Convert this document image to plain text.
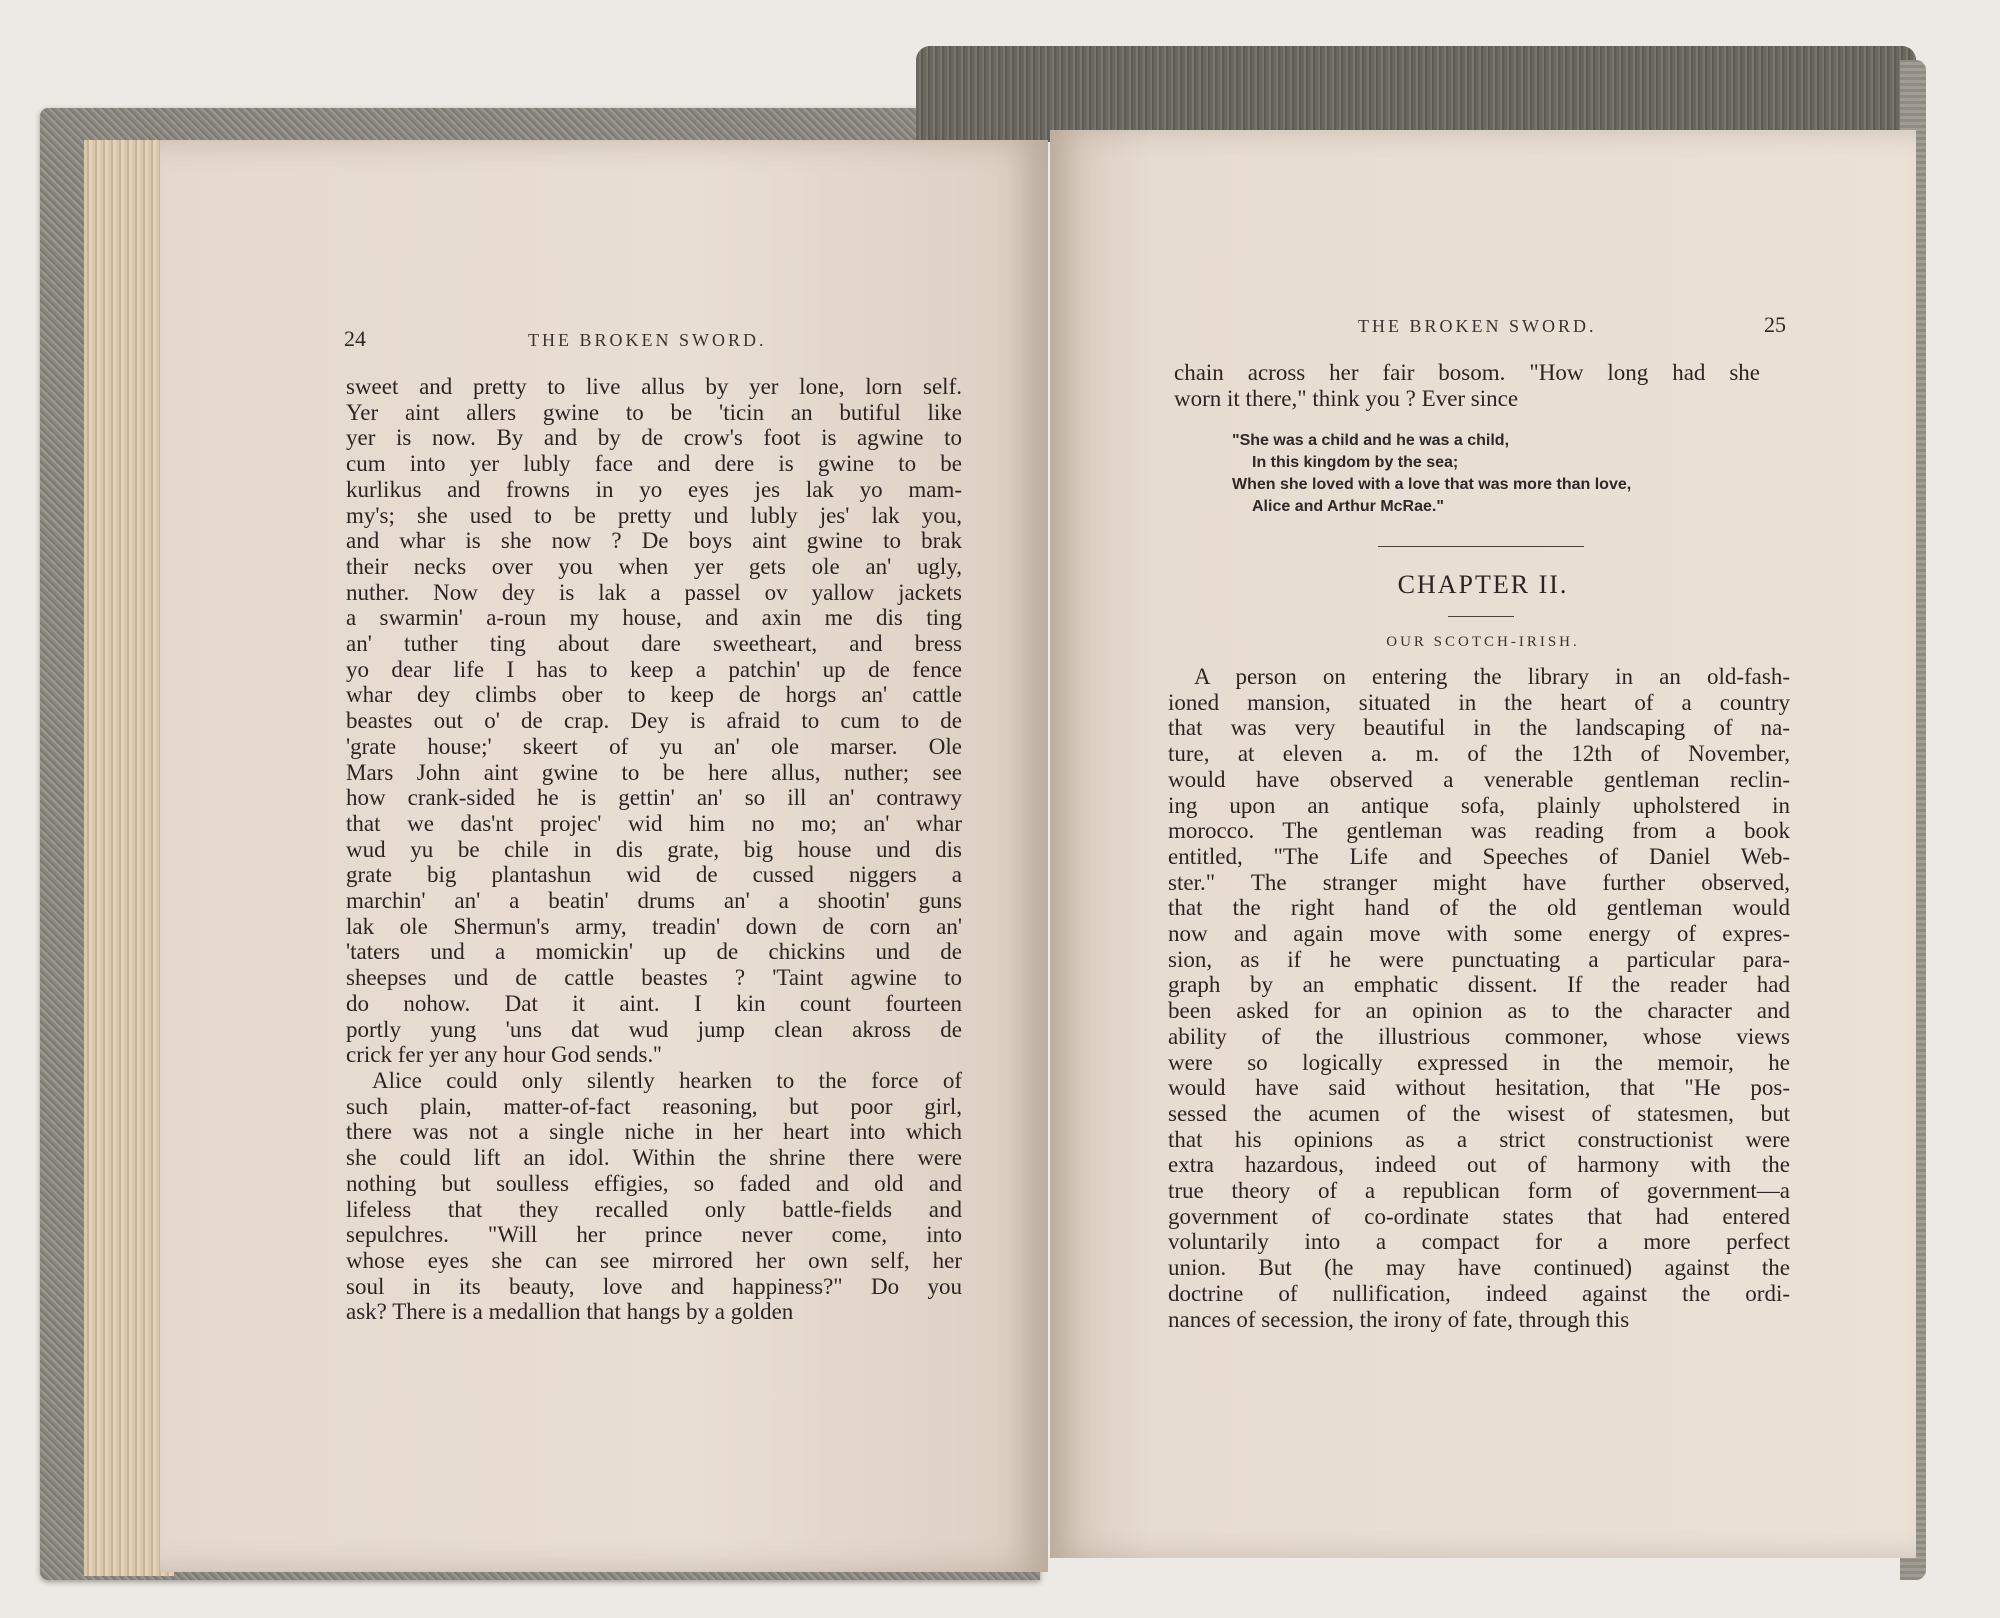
24	THE BROKEN SWORD.
sweet and pretty to live allus by yer lone, lorn self.
Yer aint allers gwine to be 'ticin an butiful like
yer is now. By and by de crow's foot is agwine to
cum into yer lubly face and dere is gwine to be
kurlikus and frowns in yo eyes jes lak yo mam-
my's; she used to be pretty und lubly jes' lak you,
and whar is she now ? De boys aint gwine to brak
their necks over you when yer gets ole an' ugly,
nuther. Now dey is lak a passel ov yallow jackets
a swarmin' a-roun my house, and axin me dis ting
an' tuther ting about dare sweetheart, and bress
yo dear life I has to keep a patchin' up de fence
whar dey climbs ober to keep de horgs an' cattle
beastes out o' de crap. Dey is afraid to cum to de
'grate house;' skeert of yu an' ole marser. Ole
Mars John aint gwine to be here allus, nuther; see
how crank-sided he is gettin' an' so ill an' contrawy
that we das'nt projec' wid him no mo; an' whar
wud yu be chile in dis grate, big house und dis
grate big plantashun wid de cussed niggers a
marchin' an' a beatin' drums an' a shootin' guns
lak ole Shermun's army, treadin' down de corn an'
'taters und a momickin' up de chickins und de
sheepses und de cattle beastes ? 'Taint agwine to
do nohow. Dat it aint. I kin count fourteen
portly yung 'uns dat wud jump clean akross de
crick fer yer any hour God sends.''
Alice could only silently hearken to the force of
such plain, matter-of-fact reasoning, but poor girl,
there was not a single niche in her heart into which
she could lift an idol. Within the shrine there were
nothing but soulless effigies, so faded and old and
lifeless that they recalled only battle-fields and
sepulchres. "Will her prince never come, into
whose eyes she can see mirrored her own self, her
soul in its beauty, love and happiness?" Do you
ask? There is a medallion that hangs by a golden
THE BROKEN SWORD.	25
chain across her fair bosom. "How long had she
worn it there," think you ? Ever since
"She was a child and he was a child,
In this kingdom by the sea;
When she loved with a love that was more than love,
Alice and Arthur McRae."
CHAPTER II.
OUR SCOTCH-IRISH.
A person on entering the library in an old-fash-
ioned mansion, situated in the heart of a country
that was very beautiful in the landscaping of na-
ture, at eleven a. m. of the 12th of November,
would have observed a venerable gentleman reclin-
ing upon an antique sofa, plainly upholstered in
morocco. The gentleman was reading from a book
entitled, "The Life and Speeches of Daniel Web-
ster." The stranger might have further observed,
that the right hand of the old gentleman would
now and again move with some energy of expres-
sion, as if he were punctuating a particular para-
graph by an emphatic dissent. If the reader had
been asked for an opinion as to the character and
ability of the illustrious commoner, whose views
were so logically expressed in the memoir, he
would have said without hesitation, that "He pos-
sessed the acumen of the wisest of statesmen, but
that his opinions as a strict constructionist were
extra hazardous, indeed out of harmony with the
true theory of a republican form of government—a
government of co-ordinate states that had entered
voluntarily into a compact for a more perfect
union. But (he may have continued) against the
doctrine of nullification, indeed against the ordi-
nances of secession, the irony of fate, through this
